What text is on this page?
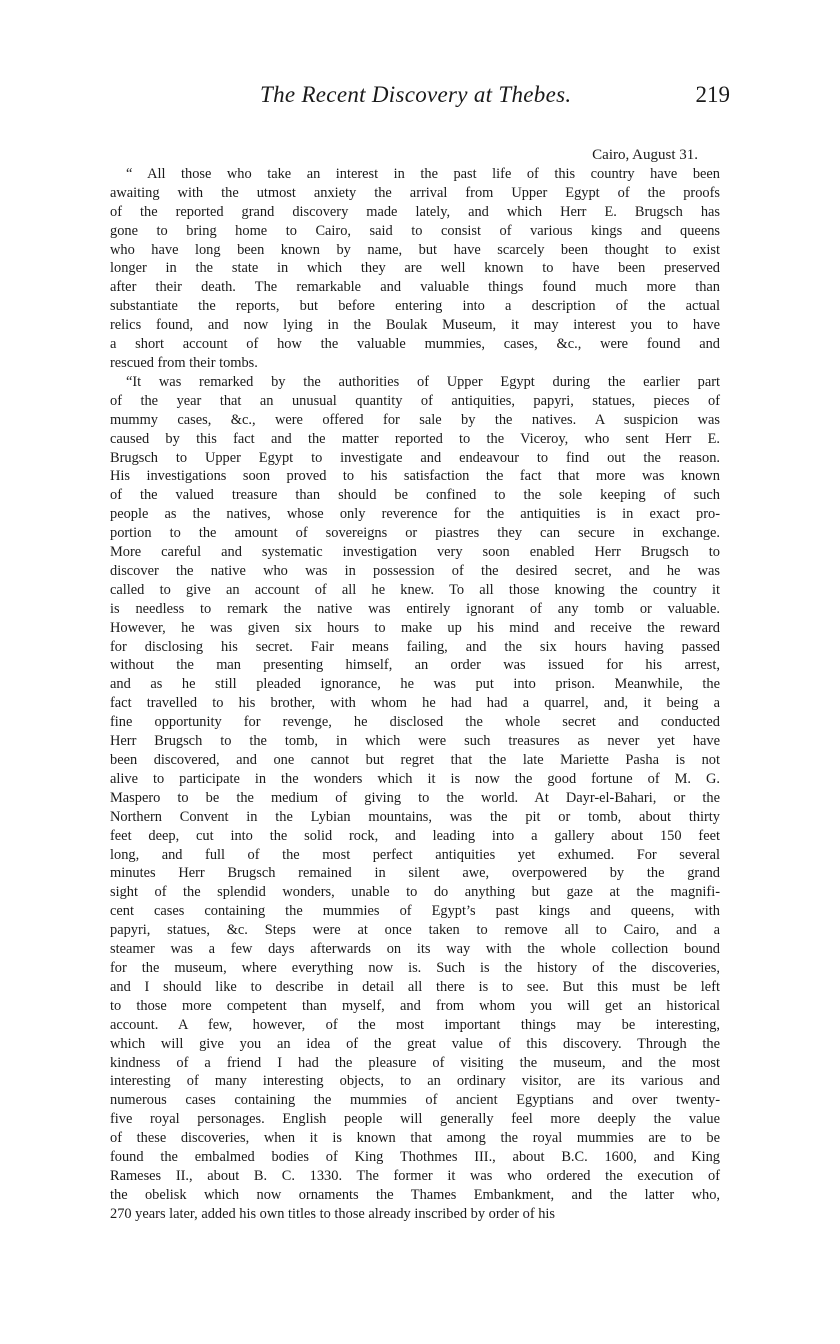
The Recent Discovery at Thebes.	219
Cairo, August 31.
“ All those who take an interest in the past life of this country have been
awaiting with the utmost anxiety the arrival from Upper Egypt of the proofs
of the reported grand discovery made lately, and which Herr E. Brugsch has
gone to bring home to Cairo, said to consist of various kings and queens
who have long been known by name, but have scarcely been thought to exist
longer in the state in which they are well known to have been preserved
after their death. The remarkable and valuable things found much more than
substantiate the reports, but before entering into a description of the actual
relics found, and now lying in the Boulak Museum, it may interest you to have
a short account of how the valuable mummies, cases, &c., were found and
rescued from their tombs.
“It was remarked by the authorities of Upper Egypt during the earlier part
of the year that an unusual quantity of antiquities, papyri, statues, pieces of
mummy cases, &c., were offered for sale by the natives. A suspicion was
caused by this fact and the matter reported to the Viceroy, who sent Herr E.
Brugsch to Upper Egypt to investigate and endeavour to find out the reason.
His investigations soon proved to his satisfaction the fact that more was known
of the valued treasure than should be confined to the sole keeping of such
people as the natives, whose only reverence for the antiquities is in exact pro-
portion to the amount of sovereigns or piastres they can secure in exchange.
More careful and systematic investigation very soon enabled Herr Brugsch to
discover the native who was in possession of the desired secret, and he was
called to give an account of all he knew. To all those knowing the country it
is needless to remark the native was entirely ignorant of any tomb or valuable.
However, he was given six hours to make up his mind and receive the reward
for disclosing his secret. Fair means failing, and the six hours having passed
without the man presenting himself, an order was issued for his arrest,
and as he still pleaded ignorance, he was put into prison. Meanwhile, the
fact travelled to his brother, with whom he had had a quarrel, and, it being a
fine opportunity for revenge, he disclosed the whole secret and conducted
Herr Brugsch to the tomb, in which were such treasures as never yet have
been discovered, and one cannot but regret that the late Mariette Pasha is not
alive to participate in the wonders which it is now the good fortune of M. G.
Maspero to be the medium of giving to the world. At Dayr-el-Bahari, or the
Northern Convent in the Lybian mountains, was the pit or tomb, about thirty
feet deep, cut into the solid rock, and leading into a gallery about 150 feet
long, and full of the most perfect antiquities yet exhumed. For several
minutes Herr Brugsch remained in silent awe, overpowered by the grand
sight of the splendid wonders, unable to do anything but gaze at the magnifi-
cent cases containing the mummies of Egypt’s past kings and queens, with
papyri, statues, &c. Steps were at once taken to remove all to Cairo, and a
steamer was a few days afterwards on its way with the whole collection bound
for the museum, where everything now is. Such is the history of the discoveries,
and I should like to describe in detail all there is to see. But this must be left
to those more competent than myself, and from whom you will get an historical
account. A few, however, of the most important things may be interesting,
which will give you an idea of the great value of this discovery. Through the
kindness of a friend I had the pleasure of visiting the museum, and the most
interesting of many interesting objects, to an ordinary visitor, are its various and
numerous cases containing the mummies of ancient Egyptians and over twenty-
five royal personages. English people will generally feel more deeply the value
of these discoveries, when it is known that among the royal mummies are to be
found the embalmed bodies of King Thothmes III., about B.C. 1600, and King
Rameses II., about B. C. 1330. The former it was who ordered the execution of
the obelisk which now ornaments the Thames Embankment, and the latter who,
270 years later, added his own titles to those already inscribed by order of his
